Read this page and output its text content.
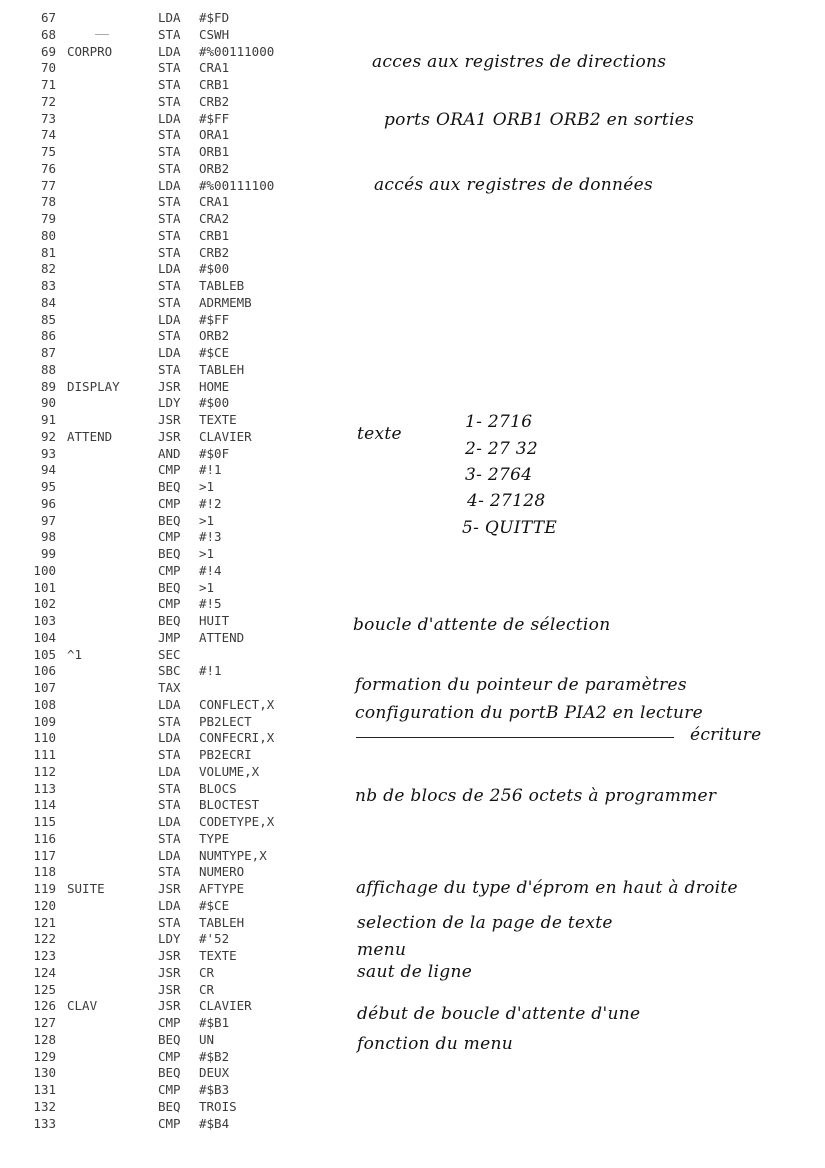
67	LDA #$FD
68	STA CSWH
69 CORPRO	LDA #%00111000
70	STA CRA1
71	STA CRB1
72	STA CRB2
73	LDA #$FF
74	STA ORA1
75	STA ORB1
76	STA ORB2
77	LDA #%00111100
78	STA CRA1
79	STA CRA2
80	STA CRB1
81	STA CRB2
82	LDA #$00
83	STA TABLEB
84	STA ADRMEMB
85	LDA #$FF
86	STA ORB2
87	LDA #$CE
88	STA TABLEH
89 DISPLAY	JSR HOME
90	LDY #$00
91	JSR TEXTE
92 ATTEND	JSR CLAVIER
93	AND #$0F
94	CMP #!1
95	BEQ >1
96	CMP #!2
97	BEQ >1
98	CMP #!3
99	BEQ >1
100	CMP #!4
101	BEQ >1
102	CMP #!5
103	BEQ HUIT
104	JMP ATTEND
105 ^1	SEC
106	SBC #!1
107	TAX
108	LDA CONFLECT,X
109	STA PB2LECT
110	LDA CONFECRI,X
111	STA PB2ECRI
112	LDA VOLUME,X
113	STA BLOCS
114	STA BLOCTEST
115	LDA CODETYPE,X
116	STA TYPE
117	LDA NUMTYPE,X
118	STA NUMERO
119 SUITE	JSR AFTYPE
120	LDA #$CE
121	STA TABLEH
122	LDY #'52
123	JSR TEXTE
124	JSR CR
125	JSR CR
126 CLAV	JSR CLAVIER
127	CMP #$B1
128	BEQ UN
129	CMP #$B2
130	BEQ DEUX
131	CMP #$B3
132	BEQ TROIS
133	CMP #$B4
acces aux registres de directions
ports ORA1 ORB1 ORB2 en sorties
accés aux registres de données
texte
1- 2716
2- 27 32
3- 2764
4- 27128
5- QUITTE
boucle d'attente de sélection
formation du pointeur de paramètres
configuration du portB PIA2 en lecture
écriture
nb de blocs de 256 octets à programmer
affichage du type d'éprom en haut à droite
selection de la page de texte
menu
saut de ligne
début de boucle d'attente d'une
fonction du menu
